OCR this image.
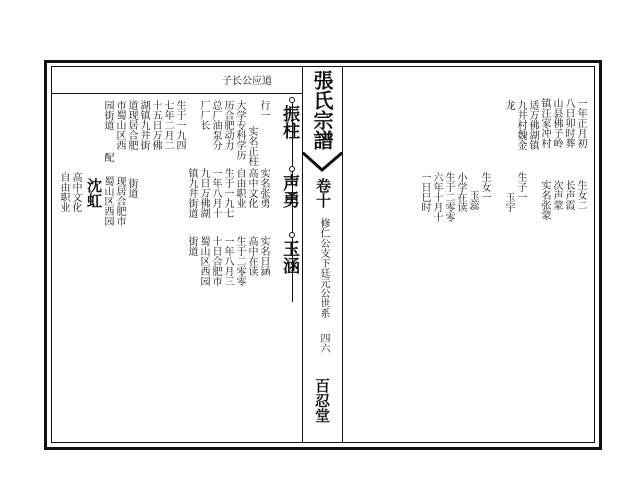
子长公应道 張氏宗譜
卷十
修仁公支下廷元公世系
四六
百忍堂
振柱
声勇
玉涵
行一
实名正柱
大学专科学历
历合肥动力
总厂油泵分
厂厂长
实名张勇
高中文化
自由职业
生于一九七
一年八月十
九日万佛湖
镇九井街道
实名日涵
高中在读
生于二零零
一年八月三
十日合肥市
蜀山区西园
街道
生于一九四
七年二月二
十五日万佛
湖镇九井街
道现居合肥
市蜀山区西
园街道
配
街道
现居合肥市
蜀山区西园
沈虹
高中文化
自由职业
一年正月初
八日卯时葬
山县佛子岭
镇汪家冲村
生女二
长声霞
次声蒙
实名张蒙
适万佛湖镇
九井村魏金
龙
生子一
玉宇
生女一
玉蕊
小学在读
生于二零零
六年十月十
一日巳时
